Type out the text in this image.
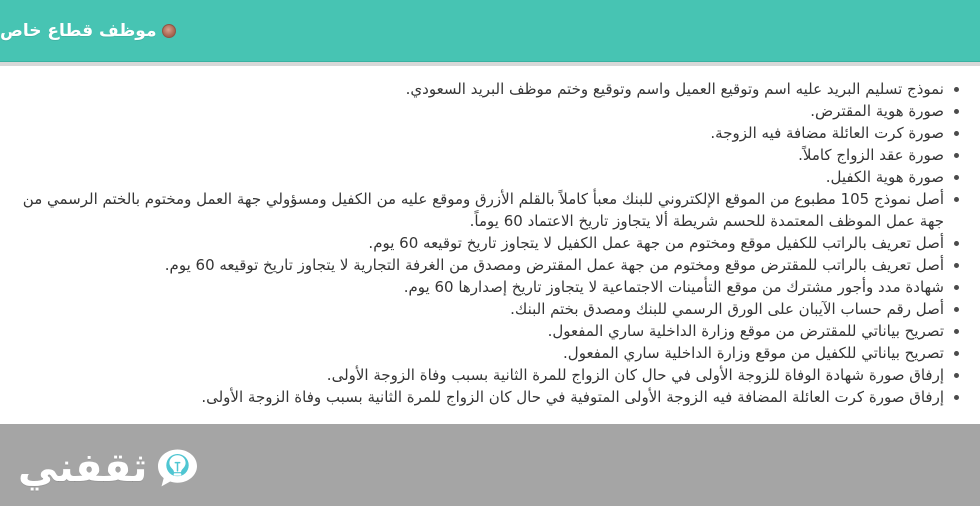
موظف قطاع خاص
نموذج تسليم البريد عليه اسم وتوقيع العميل واسم وتوقيع وختم موظف البريد السعودي.
صورة هوية المقترض.
صورة كرت العائلة مضافة فيه الزوجة.
صورة عقد الزواج كاملاً.
صورة هوية الكفيل.
أصل نموذج 105 مطبوع من الموقع الإلكتروني للبنك معبأ كاملاً بالقلم الأزرق وموقع عليه من الكفيل ومسؤولي جهة العمل ومختوم بالختم الرسمي من جهة عمل الموظف المعتمدة للحسم شريطة ألا يتجاوز تاريخ الاعتماد 60 يوماً.
أصل تعريف بالراتب للكفيل موقع ومختوم من جهة عمل الكفيل لا يتجاوز تاريخ توقيعه 60 يوم.
أصل تعريف بالراتب للمقترض موقع ومختوم من جهة عمل المقترض ومصدق من الغرفة التجارية لا يتجاوز تاريخ توقيعه 60 يوم.
شهادة مدد وأجور مشترك من موقع التأمينات الاجتماعية لا يتجاوز تاريخ إصدارها 60 يوم.
أصل رقم حساب الآيبان على الورق الرسمي للبنك ومصدق بختم البنك.
تصريح بياناتي للمقترض من موقع وزارة الداخلية ساري المفعول.
تصريح بياناتي للكفيل من موقع وزارة الداخلية ساري المفعول.
إرفاق صورة شهادة الوفاة للزوجة الأولى في حال كان الزواج للمرة الثانية بسبب وفاة الزوجة الأولى.
إرفاق صورة كرت العائلة المضافة فيه الزوجة الأولى المتوفية في حال كان الزواج للمرة الثانية بسبب وفاة الزوجة الأولى.
ثقفني
